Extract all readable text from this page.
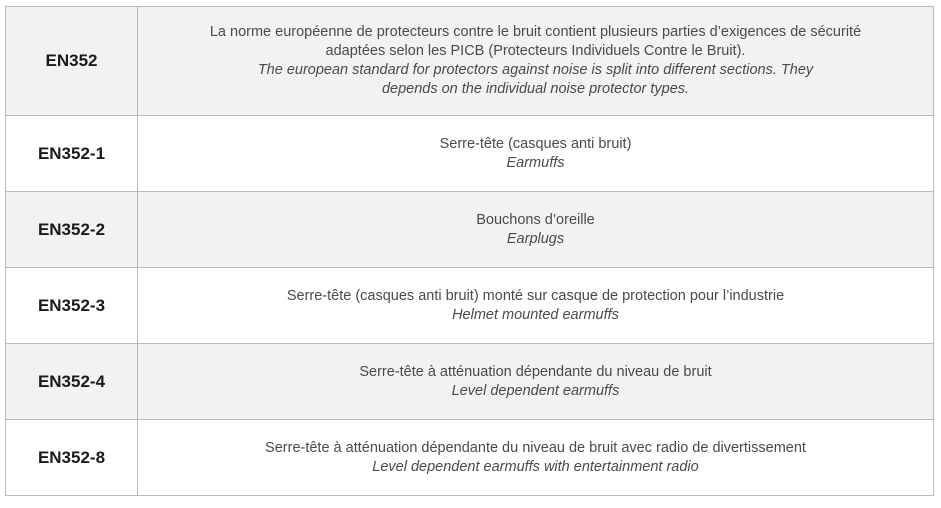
EN352	La norme européenne de protecteurs contre le bruit contient plusieurs parties d’exigences de sécurité adaptées selon les PICB (Protecteurs Individuels Contre le Bruit).
The european standard for protectors against noise is split into different sections. They depends on the individual noise protector types.

EN352-1	Serre-tête (casques anti bruit)
Earmuffs

EN352-2	Bouchons d’oreille
Earplugs

EN352-3	Serre-tête (casques anti bruit) monté sur casque de protection pour l’industrie
Helmet mounted earmuffs

EN352-4	Serre-tête à atténuation dépendante du niveau de bruit
Level dependent earmuffs

EN352-8	Serre-tête à atténuation dépendante du niveau de bruit avec radio de divertissement
Level dependent earmuffs with entertainment radio
